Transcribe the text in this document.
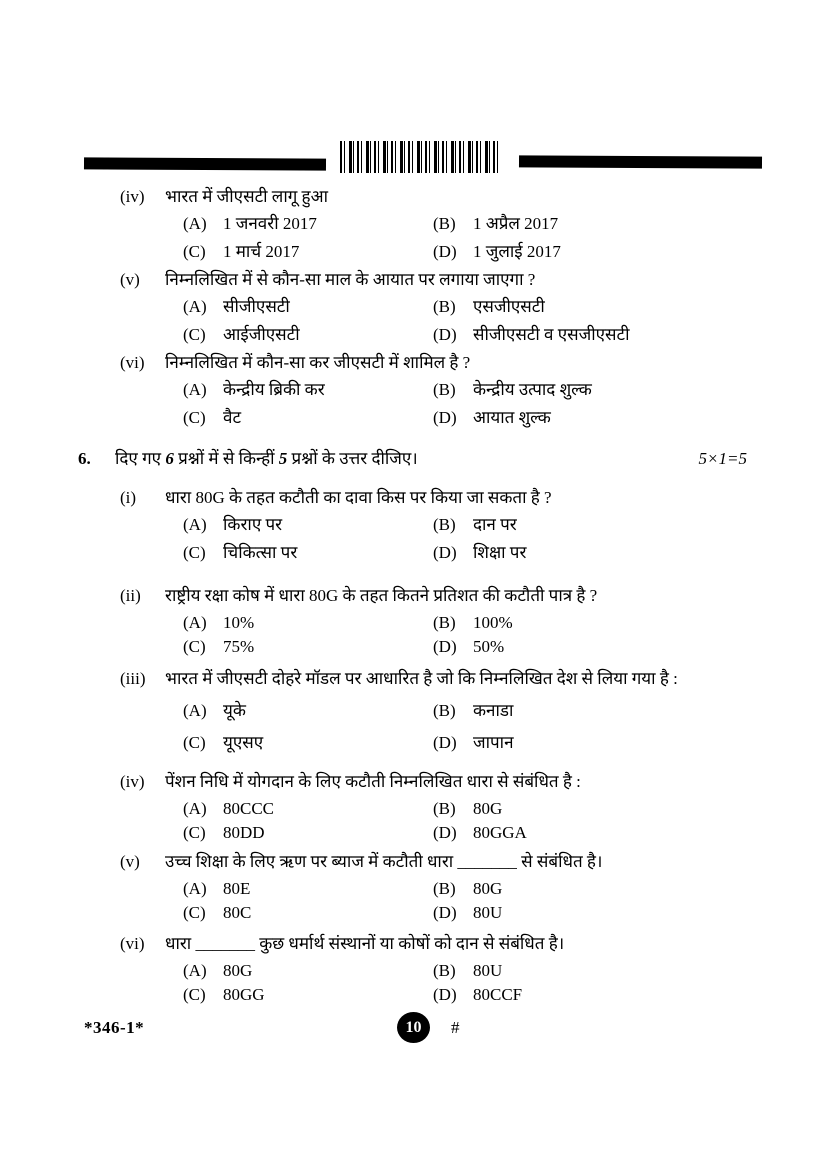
(iv)	भारत में जीएसटी लागू हुआ
(A) 1 जनवरी 2017	(B)	1 अप्रैल 2017
(C)	1 मार्च 2017	(D) 1 जुलाई 2017
(v)	निम्नलिखित में से कौन-सा माल के आयात पर लगाया जाएगा ?
(A) सीजीएसटी	(B)	एसजीएसटी
(C)	आईजीएसटी	(D) सीजीएसटी व एसजीएसटी
(vi)	निम्नलिखित में कौन-सा कर जीएसटी में शामिल है ?
(A) केन्द्रीय ब्रिकी कर	(B)	केन्द्रीय उत्पाद शुल्क
(C)	वैट	(D) आयात शुल्क
6.	दिए गए 6 प्रश्नों में से किन्हीं 5 प्रश्नों के उत्तर दीजिए।	5×1=5
(i)	धारा 80G के तहत कटौती का दावा किस पर किया जा सकता है ?
(A) किराए पर	(B)	दान पर
(C)	चिकित्सा पर	(D) शिक्षा पर
(ii)	राष्ट्रीय रक्षा कोष में धारा 80G के तहत कितने प्रतिशत की कटौती पात्र है ?
(A) 10%	(B)	100%
(C)	75%	(D) 50%
(iii)	भारत में जीएसटी दोहरे मॉडल पर आधारित है जो कि निम्नलिखित देश से लिया गया है :
(A) यूके	(B)	कनाडा
(C)	यूएसए	(D) जापान
(iv)	पेंशन निधि में योगदान के लिए कटौती निम्नलिखित धारा से संबंधित है :
(A) 80CCC	(B)	80G
(C)	80DD	(D) 80GGA
(v)	उच्च शिक्षा के लिए ऋण पर ब्याज में कटौती धारा _______ से संबंधित है।
(A) 80E	(B)	80G
(C)	80C	(D) 80U
(vi)	धारा _______ कुछ धर्मार्थ संस्थानों या कोषों को दान से संबंधित है।
(A) 80G	(B)	80U
(C)	80GG	(D) 80CCF
*346-1*	10	#
